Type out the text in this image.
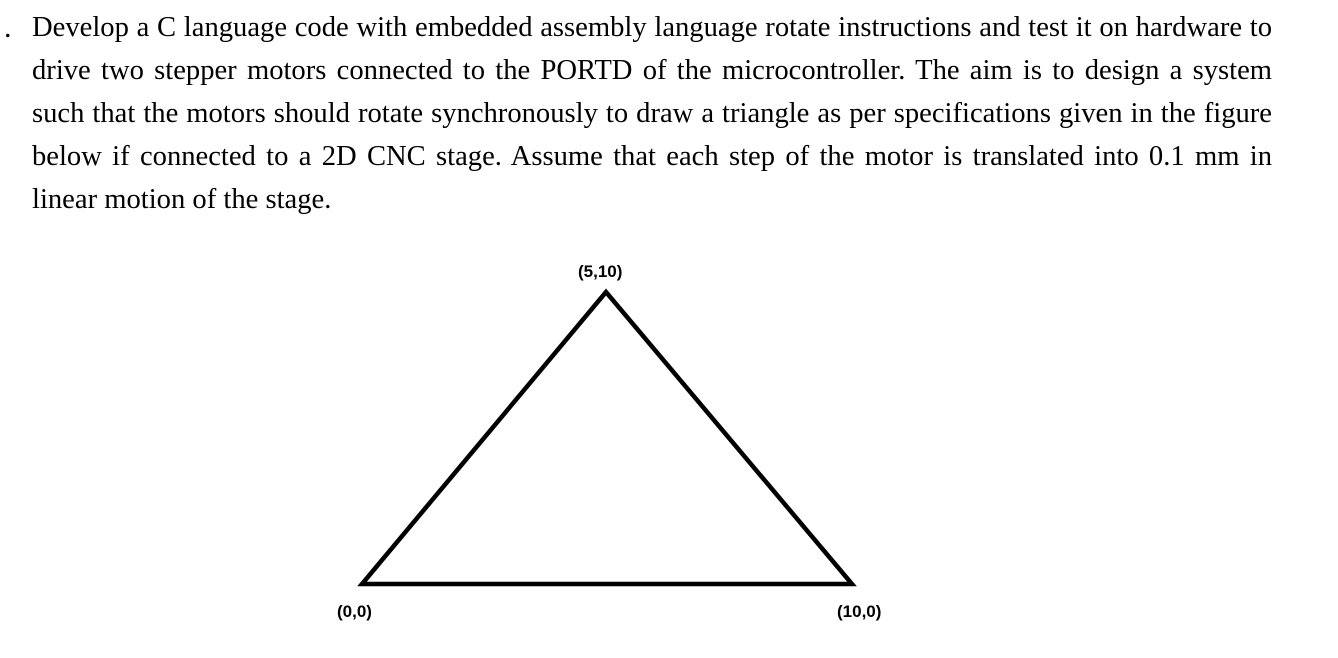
. Develop a C language code with embedded assembly language rotate instructions and test it on hardware to drive two stepper motors connected to the PORTD of the microcontroller. The aim is to design a system such that the motors should rotate synchronously to draw a triangle as per specifications given in the figure below if connected to a 2D CNC stage. Assume that each step of the motor is translated into 0.1 mm in linear motion of the stage.

(5,10)
(0,0)	(10,0)
